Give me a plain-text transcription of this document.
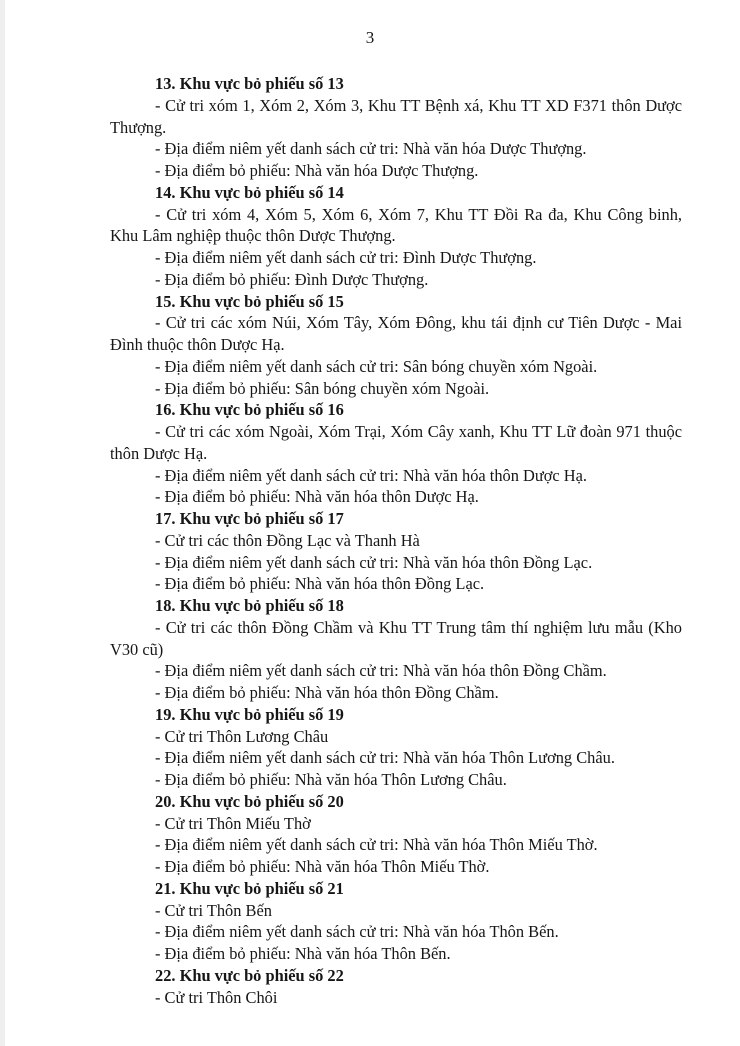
3

13. Khu vực bỏ phiếu số 13

- Cử tri xóm 1, Xóm 2, Xóm 3, Khu TT Bệnh xá, Khu TT XD F371 thôn Dược Thượng.

- Địa điểm niêm yết danh sách cử tri: Nhà văn hóa Dược Thượng.

- Địa điểm bỏ phiếu: Nhà văn hóa Dược Thượng.

14. Khu vực bỏ phiếu số 14

- Cử tri xóm 4, Xóm 5, Xóm 6, Xóm 7, Khu TT Đồi Ra đa, Khu Công binh, Khu Lâm nghiệp thuộc thôn Dược Thượng.

- Địa điểm niêm yết danh sách cử tri: Đình Dược Thượng.

- Địa điểm bỏ phiếu: Đình Dược Thượng.

15. Khu vực bỏ phiếu số 15

- Cử tri các xóm Núi, Xóm Tây, Xóm Đông, khu tái định cư Tiên Dược - Mai Đình thuộc thôn Dược Hạ.

- Địa điểm niêm yết danh sách cử tri: Sân bóng chuyền xóm Ngoài.

- Địa điểm bỏ phiếu: Sân bóng chuyền xóm Ngoài.

16. Khu vực bỏ phiếu số 16

- Cử tri các xóm Ngoài, Xóm Trại, Xóm Cây xanh, Khu TT Lữ đoàn 971 thuộc thôn Dược Hạ.

- Địa điểm niêm yết danh sách cử tri: Nhà văn hóa thôn Dược Hạ.

- Địa điểm bỏ phiếu: Nhà văn hóa thôn Dược Hạ.

17. Khu vực bỏ phiếu số 17

- Cử tri các thôn Đồng Lạc và Thanh Hà

- Địa điểm niêm yết danh sách cử tri: Nhà văn hóa thôn Đồng Lạc.

- Địa điểm bỏ phiếu: Nhà văn hóa thôn Đồng Lạc.

18. Khu vực bỏ phiếu số 18

- Cử tri các thôn Đồng Chầm và Khu TT Trung tâm thí nghiệm lưu mẫu (Kho V30 cũ)

- Địa điểm niêm yết danh sách cử tri: Nhà văn hóa thôn Đồng Chầm.

- Địa điểm bỏ phiếu: Nhà văn hóa thôn Đồng Chầm.

19. Khu vực bỏ phiếu số 19

- Cử tri Thôn Lương Châu

- Địa điểm niêm yết danh sách cử tri: Nhà văn hóa Thôn Lương Châu.

- Địa điểm bỏ phiếu: Nhà văn hóa Thôn Lương Châu.

20. Khu vực bỏ phiếu số 20

- Cử tri Thôn Miếu Thờ

- Địa điểm niêm yết danh sách cử tri: Nhà văn hóa Thôn Miếu Thờ.

- Địa điểm bỏ phiếu: Nhà văn hóa Thôn Miếu Thờ.

21. Khu vực bỏ phiếu số 21

- Cử tri Thôn Bến

- Địa điểm niêm yết danh sách cử tri: Nhà văn hóa Thôn Bến.

- Địa điểm bỏ phiếu: Nhà văn hóa Thôn Bến.

22. Khu vực bỏ phiếu số 22

- Cử tri Thôn Chôi
